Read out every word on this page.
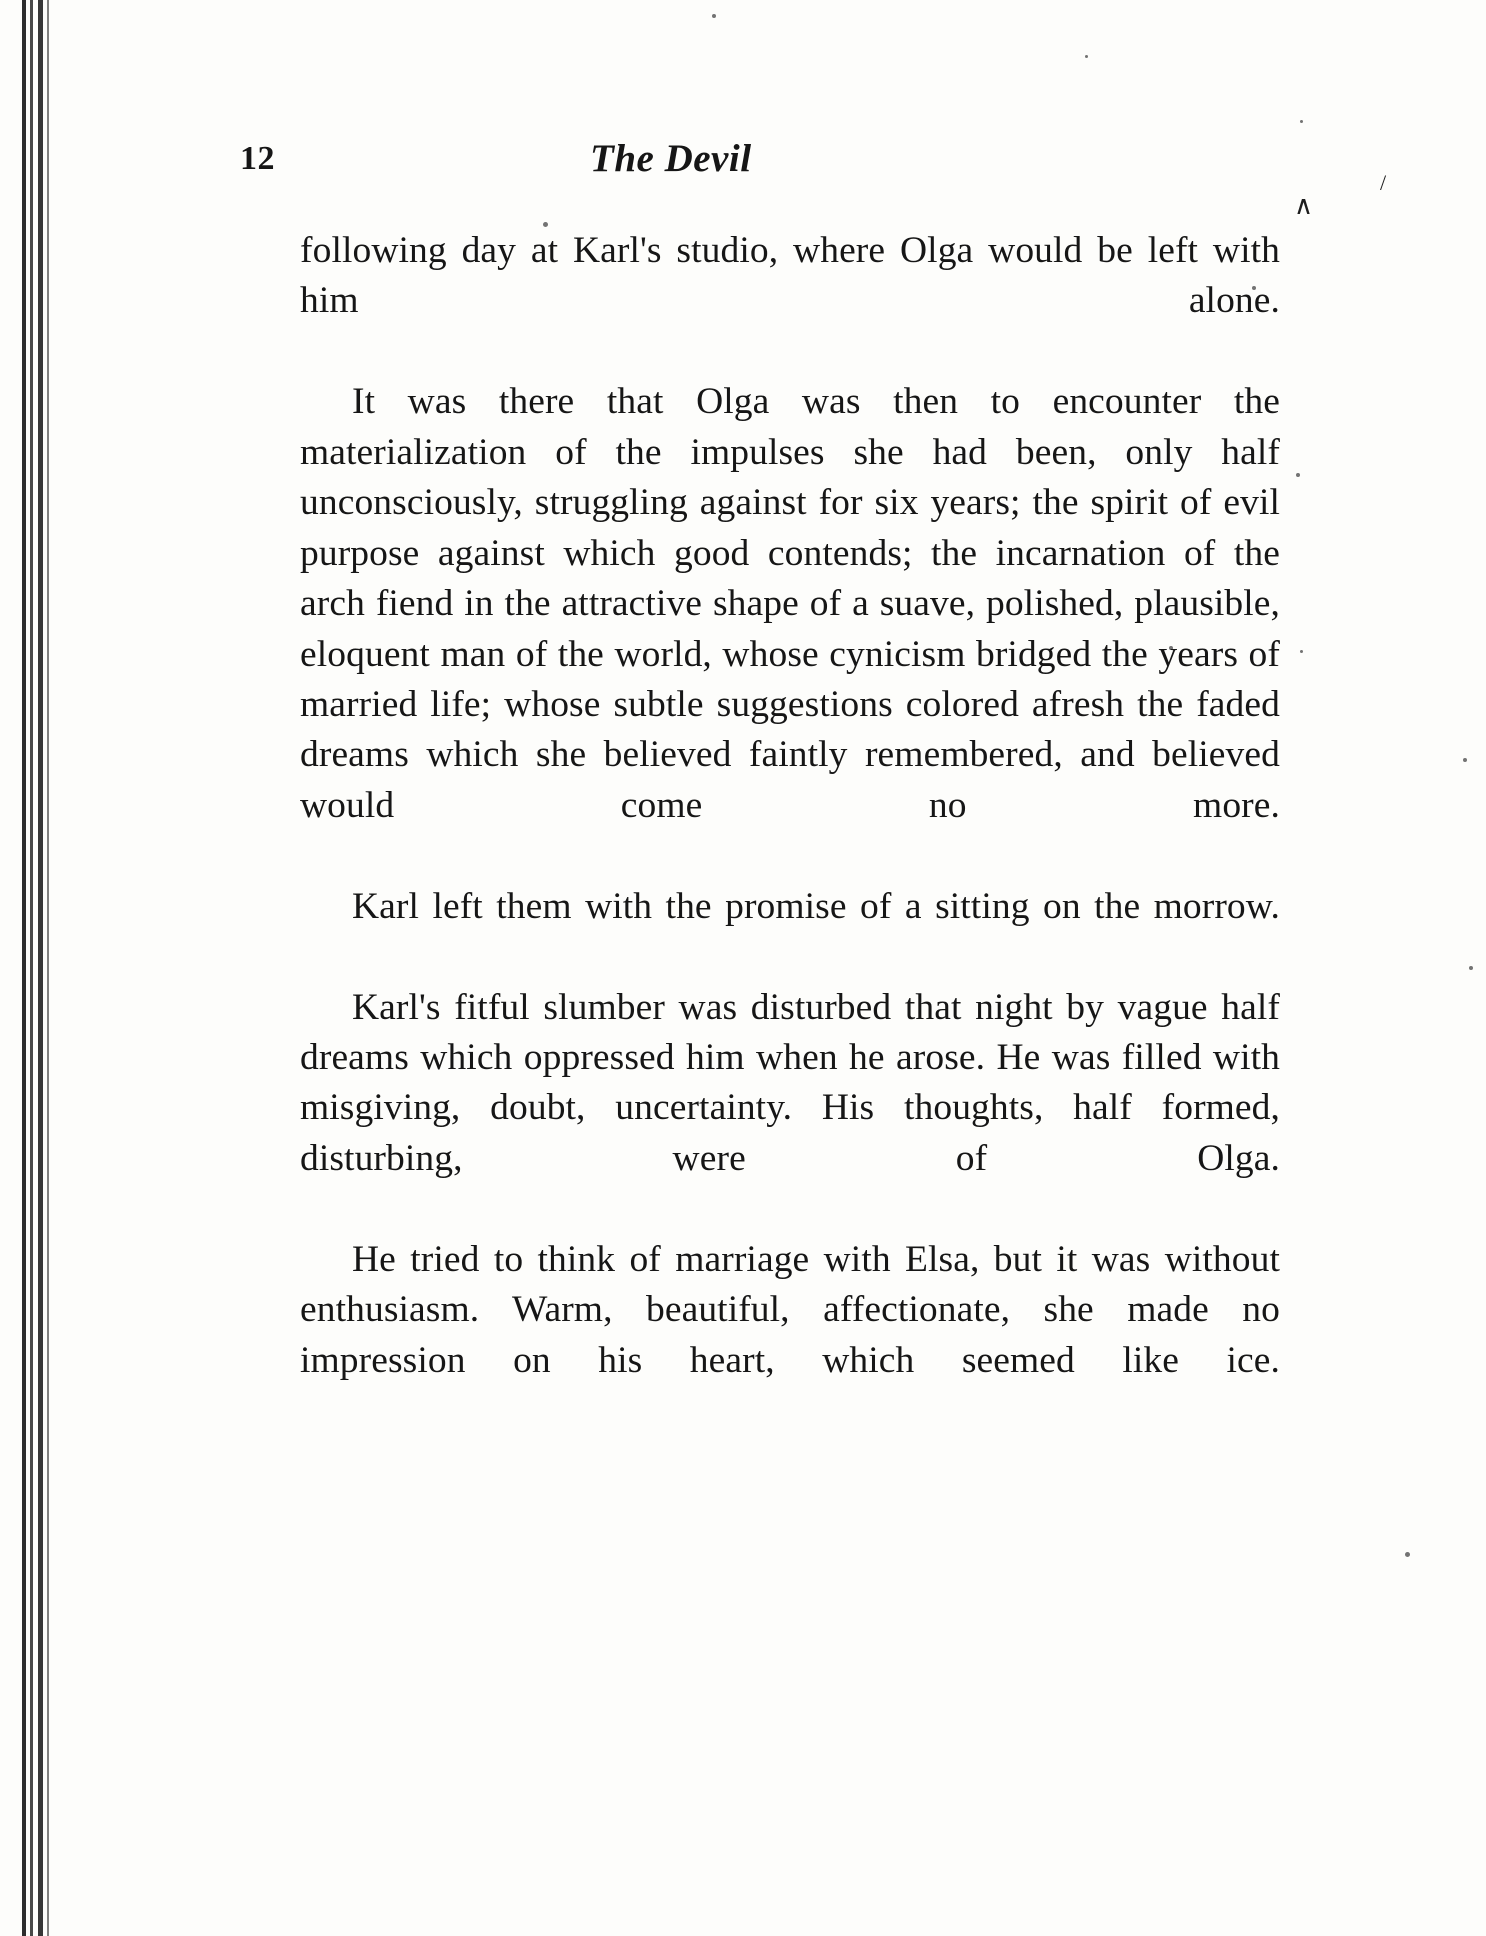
∧
/
12	The Devil

following day at Karl's studio, where Olga would be left with him alone.

It was there that Olga was then to encounter the materialization of the impulses she had been, only half unconsciously, struggling against for six years; the spirit of evil purpose against which good contends; the incarnation of the arch fiend in the attractive shape of a suave, polished, plausible, eloquent man of the world, whose cynicism bridged the years of married life; whose subtle suggestions colored afresh the faded dreams which she believed faintly remembered, and believed would come no more.

Karl left them with the promise of a sitting on the morrow.

Karl's fitful slumber was disturbed that night by vague half dreams which oppressed him when he arose. He was filled with misgiving, doubt, uncertainty. His thoughts, half formed, disturbing, were of Olga.

He tried to think of marriage with Elsa, but it was without enthusiasm. Warm, beautiful, affectionate, she made no impression on his heart, which seemed like ice.
